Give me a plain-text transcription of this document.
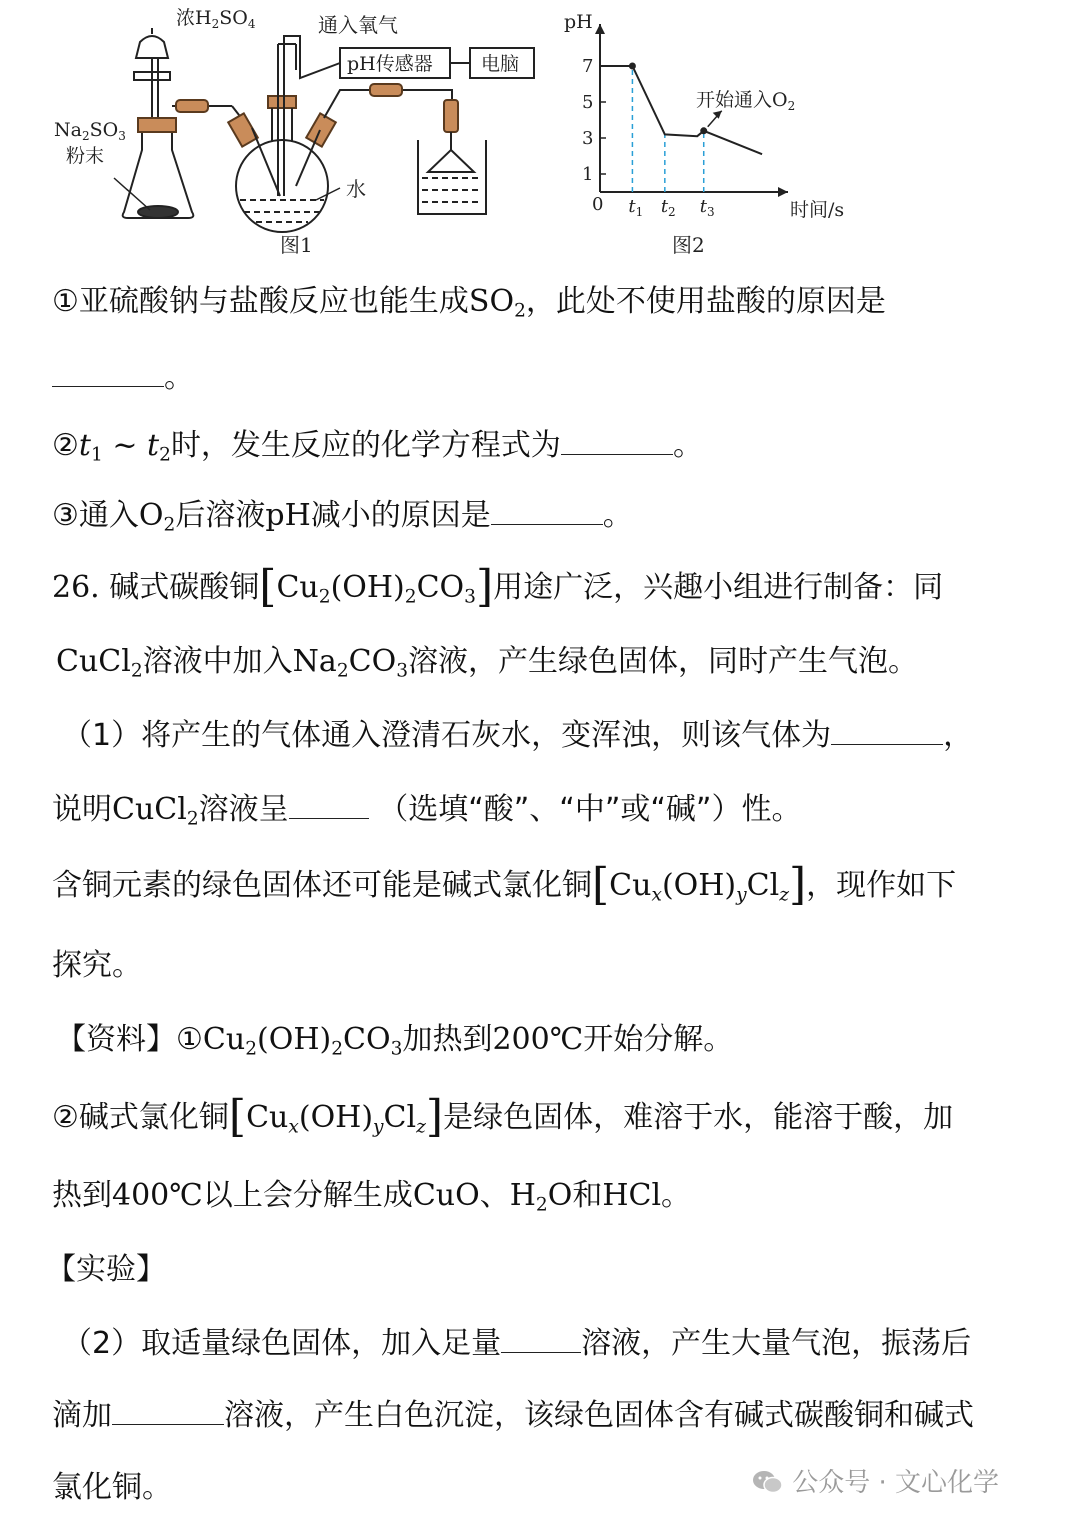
浓$H_2SO_4$
$Na_2SO_3$
粉末
通入氧气
pH传感器	电脑
水
图1
pH
时间/s
0
7
5
3
1
$t_1$ $t_2$ $t_3$
开始通入$O_2$
图2
①亚硫酸钠与盐酸反应也能生成$SO_2$，此处不使用盐酸的原因是
。
$②t_1$ ~ $t_2$时，发生反应的化学方程式为	。
③通入$O_2$后溶液pH减小的原因是	。
26. 碱式碳酸铜$[Cu_2(OH)_2CO_3]$用途广泛，兴趣小组进行制备：同
CuCl$_2$溶液中加入$Na_2CO_3$溶液，产生绿色固体，同时产生气泡。
（1）将产生的气体通入澄清石灰水，变浑浊，则该气体为	，
说明CuCl$_2$溶液呈	（选填“酸”、“中”或“碱”）性。
含铜元素的绿色固体还可能是碱式氯化铜$[Cu_x(OH)_yCl_z]$，现作如下
探究。
【资料】$①Cu_2(OH)_2CO_3$加热到200℃开始分解。
②碱式氯化铜$[Cu_x(OH)_yCl_z]$是绿色固体，难溶于水，能溶于酸，加
热到400℃以上会分解生成CuO、$H_2O$和HCl。
【实验】
（2）取适量绿色固体，加入足量	溶液，产生大量气泡，振荡后
滴加	溶液，产生白色沉淀，该绿色固体含有碱式碳酸铜和碱式
氯化铜。	公众号 · 文心化学
